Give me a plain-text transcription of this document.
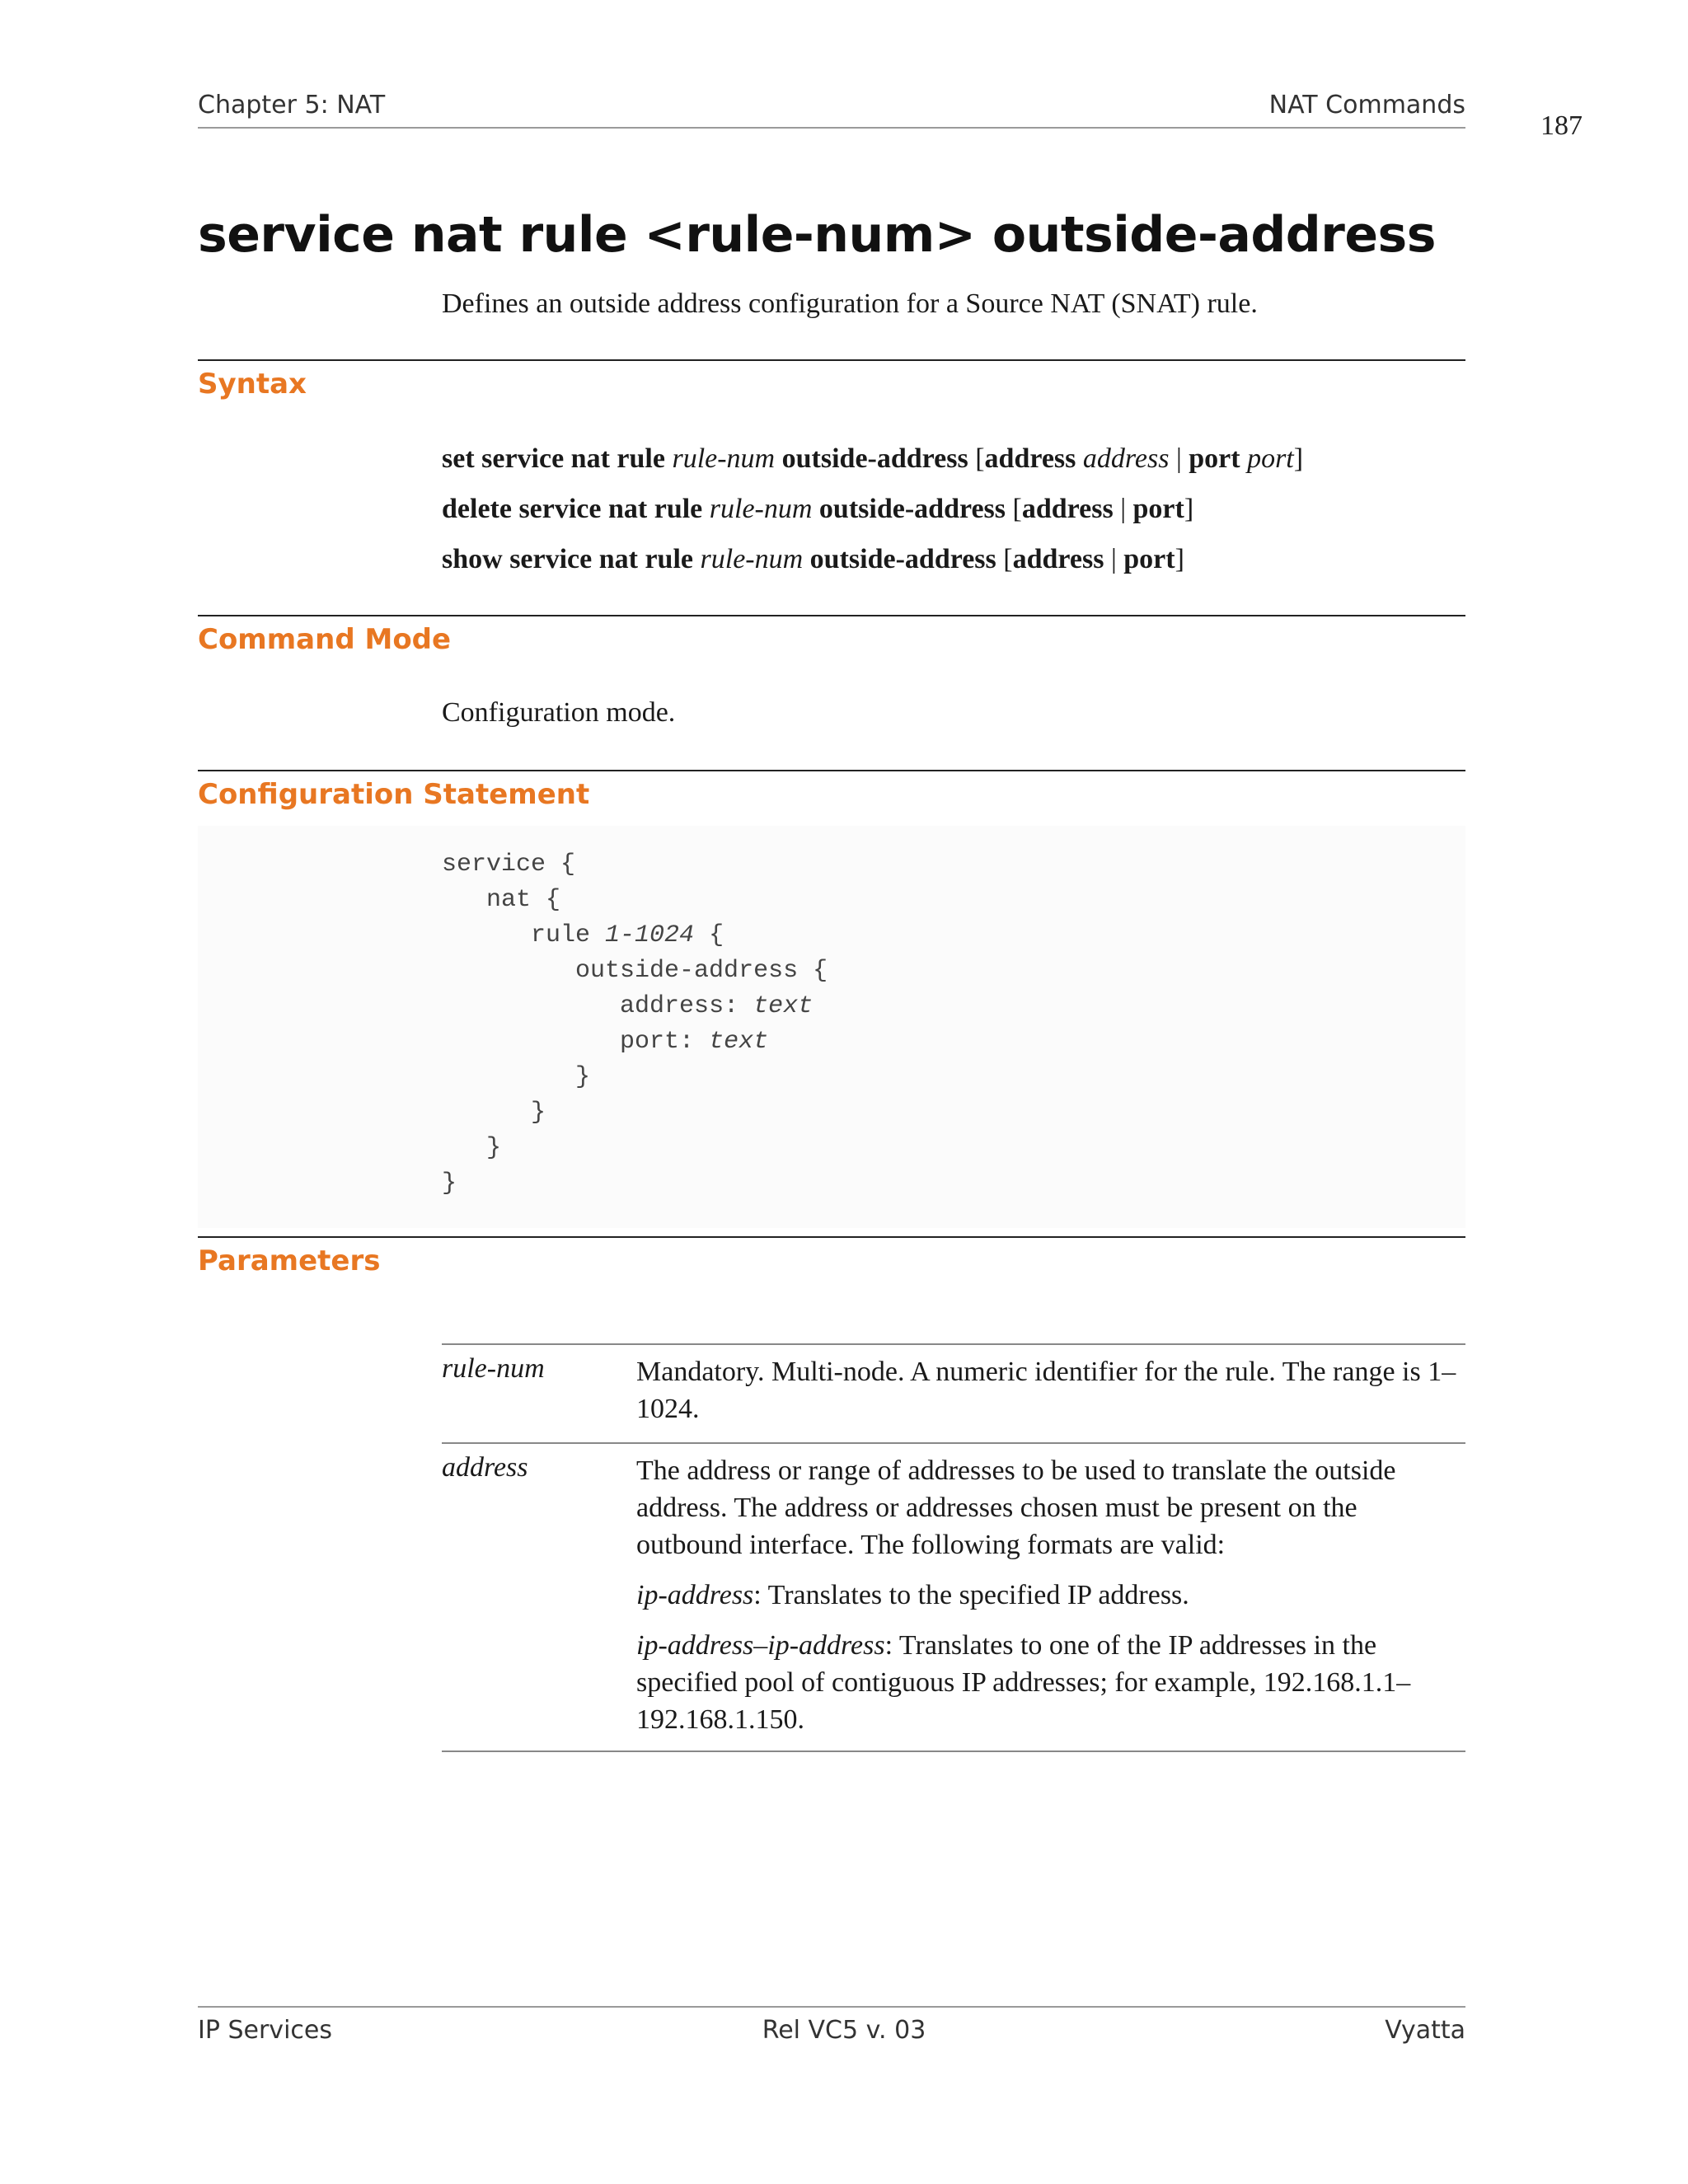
Chapter 5: NAT	NAT Commands
187
service nat rule <rule-num> outside-address
Defines an outside address configuration for a Source NAT (SNAT) rule.
Syntax
set service nat rule rule-num outside-address [address address | port port]
delete service nat rule rule-num outside-address [address | port]
show service nat rule rule-num outside-address [address | port]
Command Mode
Configuration mode.
Configuration Statement
service {
nat {
rule 1-1024 {
outside-address {
address: text
port: text
}
}
}
}
Parameters
rule-num	Mandatory. Multi-node. A numeric identifier for the rule. The range is 1–1024.

address	The address or range of addresses to be used to translate the outside address. The address or addresses chosen must be present on the outbound interface. The following formats are valid:

ip-address: Translates to the specified IP address.

ip-address–ip-address: Translates to one of the IP addresses in the specified pool of contiguous IP addresses; for example, 192.168.1.1–192.168.1.150.

IP Services	Rel VC5 v. 03	Vyatta
